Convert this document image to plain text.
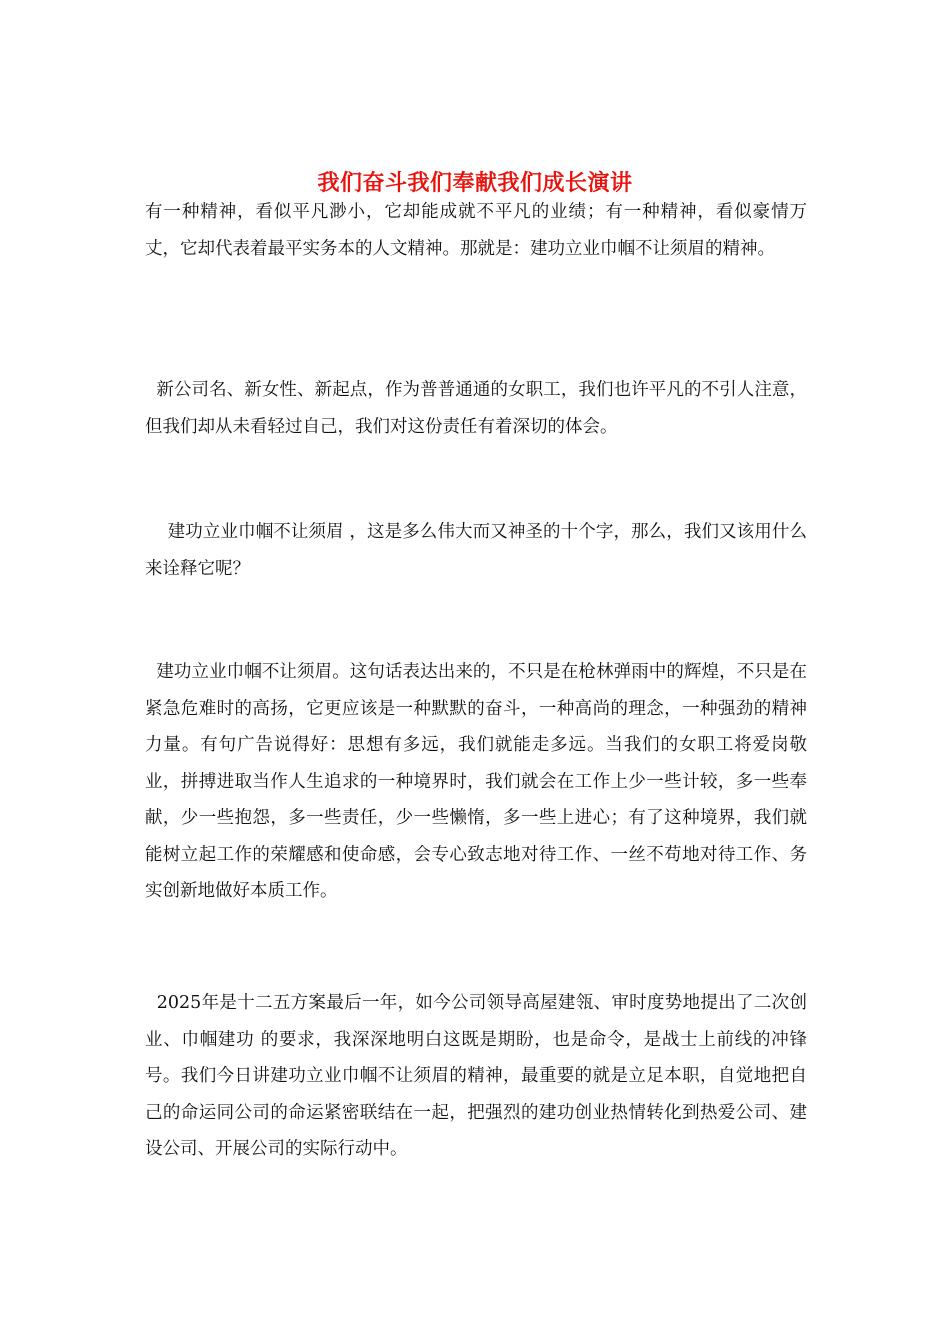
我们奋斗我们奉献我们成长演讲

有一种精神，看似平凡渺小，它却能成就不平凡的业绩；有一种精神，看似豪情万丈，它却代表着最平实务本的人文精神。那就是：建功立业巾帼不让须眉的精神。

新公司名、新女性、新起点，作为普普通通的女职工，我们也许平凡的不引人注意，但我们却从未看轻过自己，我们对这份责任有着深切的体会。

建功立业巾帼不让须眉 ，这是多么伟大而又神圣的十个字，那么，我们又该用什么来诠释它呢？

建功立业巾帼不让须眉。这句话表达出来的，不只是在枪林弹雨中的辉煌，不只是在紧急危难时的高扬，它更应该是一种默默的奋斗，一种高尚的理念，一种强劲的精神力量。有句广告说得好：思想有多远，我们就能走多远。当我们的女职工将爱岗敬业，拼搏进取当作人生追求的一种境界时，我们就会在工作上少一些计较，多一些奉献，少一些抱怨，多一些责任，少一些懒惰，多一些上进心；有了这种境界，我们就能树立起工作的荣耀感和使命感，会专心致志地对待工作、一丝不苟地对待工作、务实创新地做好本质工作。

2025年是十二五方案最后一年，如今公司领导高屋建瓴、审时度势地提出了二次创业、巾帼建功 的要求，我深深地明白这既是期盼，也是命令，是战士上前线的冲锋号。我们今日讲建功立业巾帼不让须眉的精神，最重要的就是立足本职，自觉地把自己的命运同公司的命运紧密联结在一起，把强烈的建功创业热情转化到热爱公司、建设公司、开展公司的实际行动中。
